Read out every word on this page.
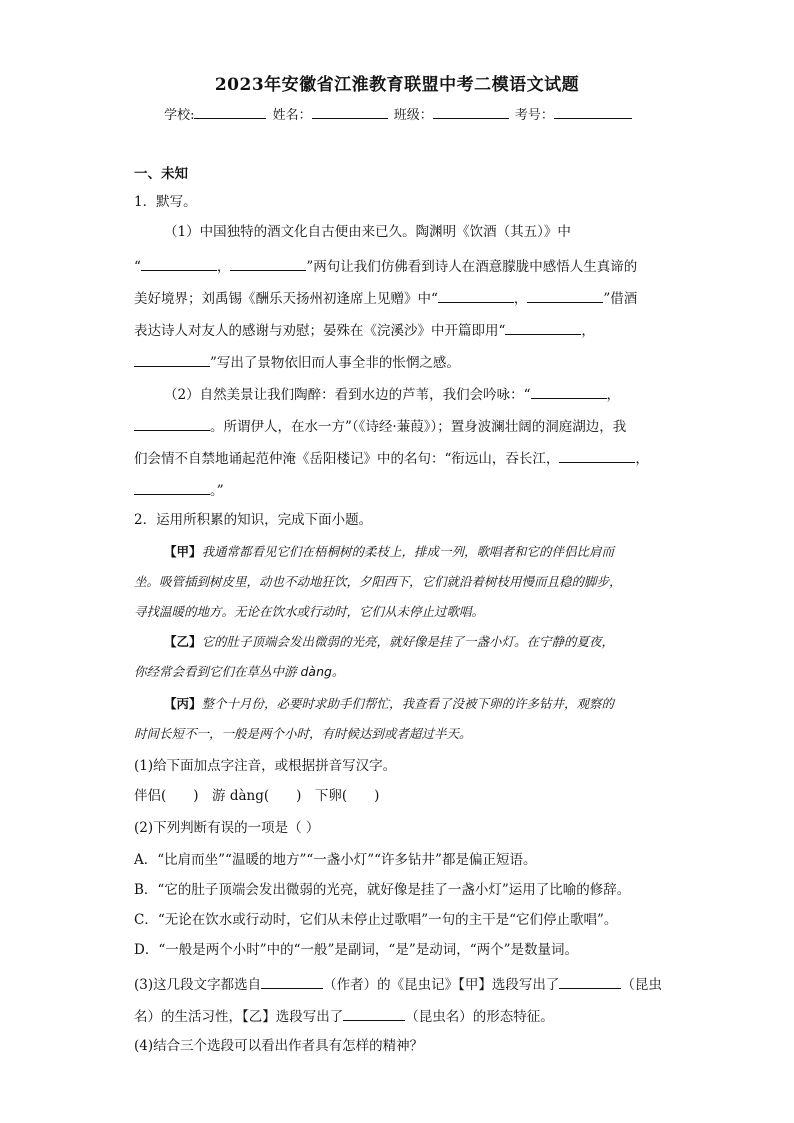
2023年安徽省江淮教育联盟中考二模语文试题
学校:	姓名：	班级：	考号：
一、未知
1．默写。
（1）中国独特的酒文化自古便由来已久。陶渊明《饮酒（其五）》中
“	，	”两句让我们仿佛看到诗人在酒意朦胧中感悟人生真谛的
美好境界；刘禹锡《酬乐天扬州初逢席上见赠》中“	，	”借酒
表达诗人对友人的感谢与劝慰；晏殊在《浣溪沙》中开篇即用“	，
”写出了景物依旧而人事全非的怅惘之感。
（2）自然美景让我们陶醉：看到水边的芦苇，我们会吟咏：“	，
。所谓伊人，在水一方”（《诗经·蒹葭》）；置身波澜壮阔的洞庭湖边，我
们会情不自禁地诵起范仲淹《岳阳楼记》中的名句：“衔远山，吞长江，	，
。”
2．运用所积累的知识，完成下面小题。
【甲】我通常都看见它们在梧桐树的柔枝上，排成一列，歌唱者和它的伴侣比肩而
坐。吸管插到树皮里，动也不动地狂饮，夕阳西下，它们就沿着树枝用慢而且稳的脚步，
寻找温暖的地方。无论在饮水或行动时，它们从未停止过歌唱。
【乙】它的肚子顶端会发出微弱的光亮，就好像是挂了一盏小灯。在宁静的夏夜，
你经常会看到它们在草丛中游 dàng。
【丙】整个十月份，必要时求助手们帮忙，我查看了没被下卵的许多钻井，观察的
时间长短不一，一般是两个小时，有时候达到或者超过半天。
(1)给下面加点字注音，或根据拼音写汉字。
伴侣(　　)　游 dàng(　　)　下卵(　　)
(2)下列判断有误的一项是（ ）
A．“比肩而坐”“温暖的地方”“一盏小灯”“许多钻井”都是偏正短语。
B．“它的肚子顶端会发出微弱的光亮，就好像是挂了一盏小灯”运用了比喻的修辞。
C．“无论在饮水或行动时，它们从未停止过歌唱”一句的主干是“它们停止歌唱”。
D．“一般是两个小时”中的“一般”是副词，“是”是动词，“两个”是数量词。
(3)这几段文字都选自	（作者）的《昆虫记》【甲】选段写出了	（昆虫
名）的生活习性，【乙】选段写出了	（昆虫名）的形态特征。
(4)结合三个选段可以看出作者具有怎样的精神？
